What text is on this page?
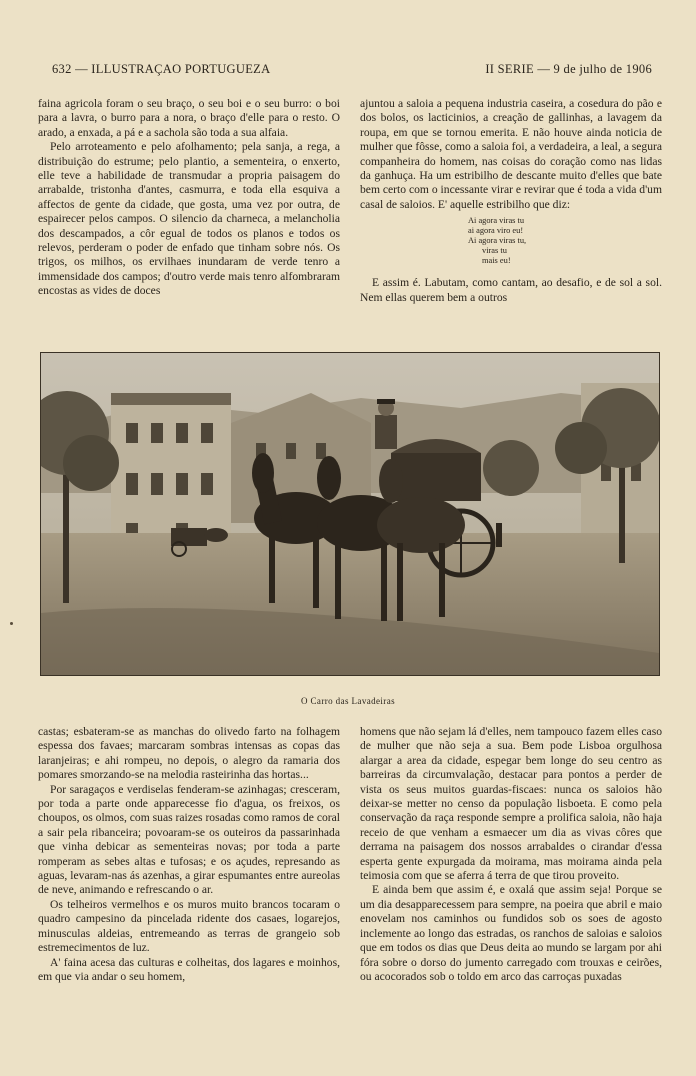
632 — ILLUSTRAÇAO PORTUGUEZA	II SERIE — 9 de julho de 1906

faina agricola foram o seu braço, o seu boi e o seu burro: o boi para a lavra, o burro para a nora, o braço d'elle para o resto. O arado, a enxada, a pá e a sachola são toda a sua alfaia.

Pelo arroteamento e pelo afolhamento; pela sanja, a rega, a distribuição do estrume; pelo plantio, a sementeira, o enxerto, elle teve a habilidade de transmudar a propria paisagem do arrabalde, tristonha d'antes, casmurra, e toda ella esquiva a affectos de gente da cidade, que gosta, uma vez por outra, de espairecer pelos campos. O silencio da charneca, a melancholia dos descampados, a côr egual de todos os planos e todos os relevos, perderam o poder de enfado que tinham sobre nós. Os trigos, os milhos, os ervilhaes inundaram de verde tenro a immensidade dos campos; d'outro verde mais tenro alfombraram encostas as vides de doces

ajuntou a saloia a pequena industria caseira, a cosedura do pão e dos bolos, os lacticinios, a creação de gallinhas, a lavagem da roupa, em que se tornou emerita. E não houve ainda noticia de mulher que fôsse, como a saloia foi, a verdadeira, a leal, a segura companheira do homem, nas coisas do coração como nas lidas da ganhuça. Ha um estribilho de descante muito d'elles que bate bem certo com o incessante virar e revirar que é toda a vida d'um casal de saloios. E' aquelle estribilho que diz:

Ai agora viras tu
ai agora viro eu!
Ai agora viras tu,
viras tu
mais eu!

E assim é. Labutam, como cantam, ao desafio, e de sol a sol. Nem ellas querem bem a outros

O Carro das Lavadeiras

castas; esbateram-se as manchas do olivedo farto na folhagem espessa dos favaes; marcaram sombras intensas as copas das laranjeiras; e ahi rompeu, no depois, o alegro da ramaria dos pomares smorzando-se na melodia rasteirinha das hortas...

Por saragaços e verdiselas fenderam-se azinhagas; cresceram, por toda a parte onde apparecesse fio d'agua, os freixos, os choupos, os olmos, com suas raizes rosadas como ramos de coral a sair pela ribanceira; povoaram-se os outeiros da passarinhada que vinha debicar as sementeiras novas; por toda a parte romperam as sebes altas e tufosas; e os açudes, represando as aguas, levaram-nas ás azenhas, a girar espumantes entre aureolas de neve, animando e refrescando o ar.

Os telheiros vermelhos e os muros muito brancos tocaram o quadro campesino da pincelada ridente dos casaes, logarejos, minusculas aldeias, entremeando as terras de grangeio sob estremecimentos de luz.

A' faina acesa das culturas e colheitas, dos lagares e moinhos, em que via andar o seu homem,

homens que não sejam lá d'elles, nem tampouco fazem elles caso de mulher que não seja a sua. Bem pode Lisboa orgulhosa alargar a area da cidade, espegar bem longe do seu centro as barreiras da circumvalação, destacar para pontos a perder de vista os seus muitos guardas-fiscaes: nunca os saloios hão deixar-se metter no censo da população lisboeta. E como pela conservação da raça responde sempre a prolifica saloia, não haja receio de que venham a esmaecer um dia as vivas côres que derrama na paisagem dos nossos arrabaldes o cirandar d'essa esperta gente expurgada da moirama, mas moirama ainda pela teimosia com que se aferra á terra de que tirou proveito.

E ainda bem que assim é, e oxalá que assim seja! Porque se um dia desapparecessem para sempre, na poeira que abril e maio enovelam nos caminhos ou fundidos sob os soes de agosto inclemente ao longo das estradas, os ranchos de saloias e saloios que em todos os dias que Deus deita ao mundo se largam por ahi fóra sobre o dorso do jumento carregado com trouxas e ceirões, ou acocorados sob o toldo em arco das carroças puxadas
